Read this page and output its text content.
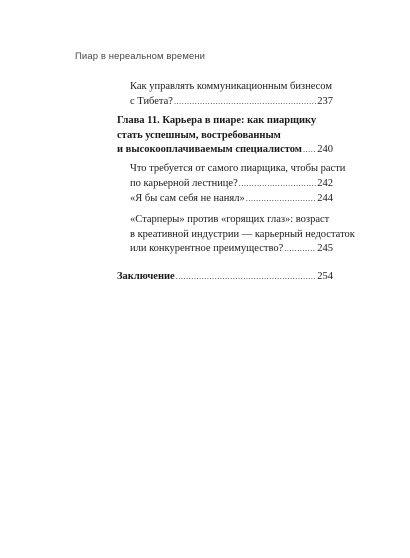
Пиар в нереальном времени
Как управлять коммуникационным бизнесом
с Тибета? .....	237
Глава 11. Карьера в пиаре: как пиарщику
стать успешным, востребованным
и высокооплачиваемым специалистом ..... 240
Что требуется от самого пиарщика, чтобы расти
по карьерной лестнице? .....	242
«Я бы сам себя не нанял» .....	244
«Старперы» против «горящих глаз»: возраст
в креативной индустрии — карьерный недостаток
или конкурентное преимущество? .....	245
Заключение .....	254
